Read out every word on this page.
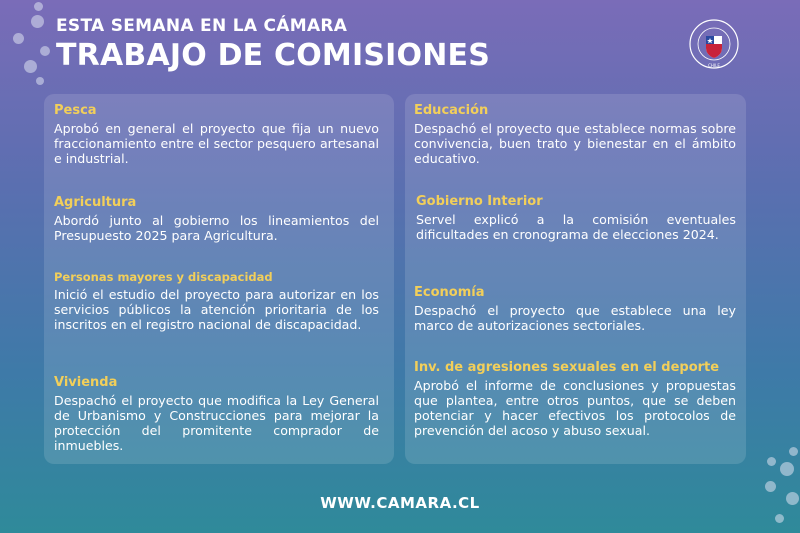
ESTA SEMANA EN LA CÁMARA
TRABAJO DE COMISIONES	CHILE
Pesca

Aprobó en general el proyecto que fija un nuevo fraccionamiento entre el sector pesquero artesanal e industrial.

Agricultura

Abordó junto al gobierno los lineamientos del Presupuesto 2025 para Agricultura.

Personas mayores y discapacidad

Inició el estudio del proyecto para autorizar en los servicios públicos la atención prioritaria de los inscritos en el registro nacional de discapacidad.

Vivienda

Despachó el proyecto que modifica la Ley General de Urbanismo y Construcciones para mejorar la protección del promitente comprador de inmuebles.

Educación

Despachó el proyecto que establece normas sobre convivencia, buen trato y bienestar en el ámbito educativo.

Gobierno Interior

Servel explicó a la comisión eventuales dificultades en cronograma de elecciones 2024.

Economía

Despachó el proyecto que establece una ley marco de autorizaciones sectoriales.

Inv. de agresiones sexuales en el deporte

Aprobó el informe de conclusiones y propuestas que plantea, entre otros puntos, que se deben potenciar y hacer efectivos los protocolos de prevención del acoso y abuso sexual.

WWW.CAMARA.CL
